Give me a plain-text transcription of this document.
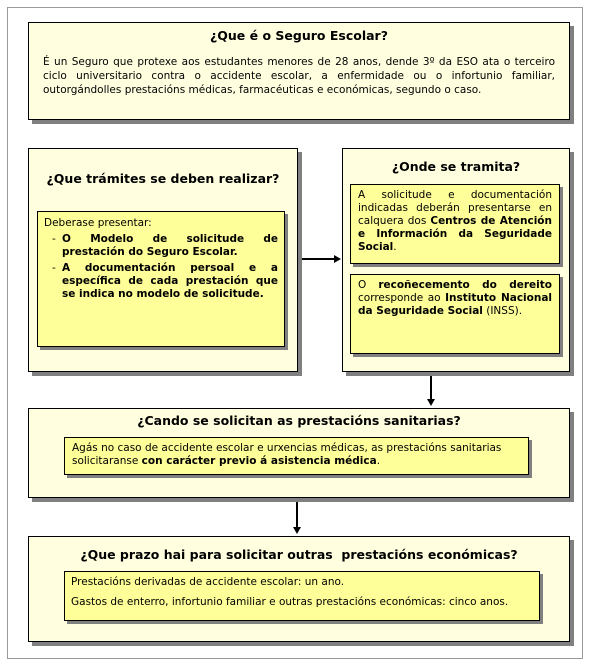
¿Que é o Seguro Escolar?
É un Seguro que protexe aos estudantes menores de 28 anos, dende 3º da ESO ata o terceiro ciclo universitario contra o accidente escolar, a enfermidade ou o infortunio familiar, outorgándolles prestacións médicas, farmacéuticas e económicas, segundo o caso.
¿Que trámites se deben realizar?
Deberase presentar:
- O Modelo de solicitude de prestación do Seguro Escolar.
- A documentación persoal e a específica de cada prestación que se indica no modelo de solicitude.
¿Onde se tramita?
A solicitude e documentación indicadas deberán presentarse en calquera dos Centros de Atención e Información da Seguridade Social.
O recoñecemento do dereito corresponde ao Instituto Nacional da Seguridade Social (INSS).
¿Cando se solicitan as prestacións sanitarias?
Agás no caso de accidente escolar e urxencias médicas, as prestacións sanitarias solicitaranse con carácter previo á asistencia médica.
¿Que prazo hai para solicitar outras  prestacións económicas?
Prestacións derivadas de accidente escolar: un ano.
Gastos de enterro, infortunio familiar e outras prestacións económicas: cinco anos.
